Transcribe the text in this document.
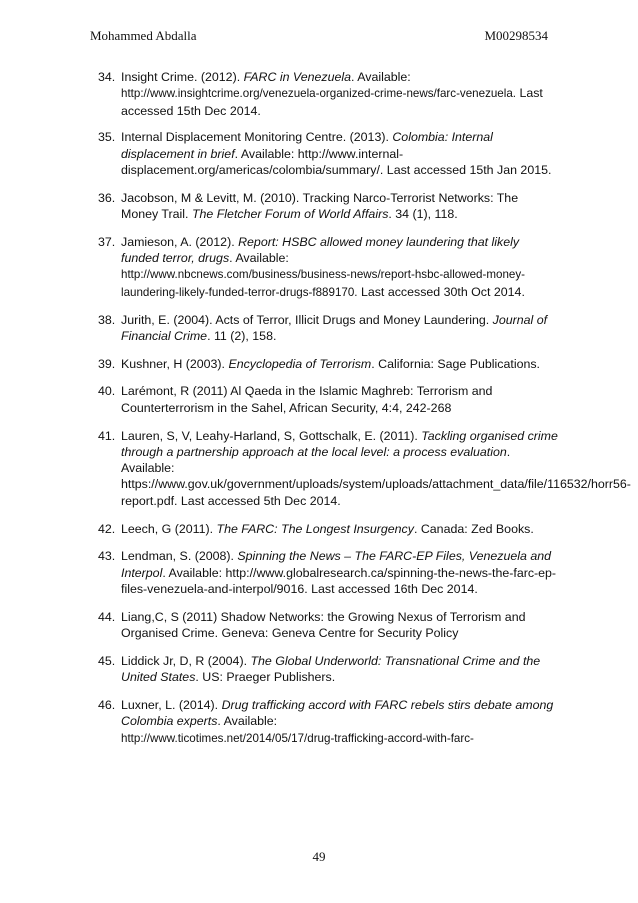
Mohammed Abdalla	M00298534
34. Insight Crime. (2012). FARC in Venezuela. Available:
http://www.insightcrime.org/venezuela-organized-crime-news/farc-venezuela. Last accessed 15th Dec 2014.
35. Internal Displacement Monitoring Centre. (2013). Colombia: Internal displacement in brief. Available: http://www.internal-displacement.org/americas/colombia/summary/. Last accessed 15th Jan 2015.
36. Jacobson, M & Levitt, M. (2010). Tracking Narco-Terrorist Networks: The Money Trail. The Fletcher Forum of World Affairs. 34 (1), 118.
37. Jamieson, A. (2012). Report: HSBC allowed money laundering that likely funded terror, drugs. Available:
http://www.nbcnews.com/business/business-news/report-hsbc-allowed-money-laundering-likely-funded-terror-drugs-f889170. Last accessed 30th Oct 2014.
38. Jurith, E. (2004). Acts of Terror, Illicit Drugs and Money Laundering. Journal of Financial Crime. 11 (2), 158.
39. Kushner, H (2003). Encyclopedia of Terrorism. California: Sage Publications.
40. Larémont, R (2011) Al Qaeda in the Islamic Maghreb: Terrorism and Counterterrorism in the Sahel, African Security, 4:4, 242-268
41. Lauren, S, V, Leahy-Harland, S, Gottschalk, E. (2011). Tackling organised crime through a partnership approach at the local level: a process evaluation. Available: https://www.gov.uk/government/uploads/system/uploads/attachment_data/file/116532/horr56-report.pdf. Last accessed 5th Dec 2014.
42. Leech, G (2011). The FARC: The Longest Insurgency. Canada: Zed Books.
43. Lendman, S. (2008). Spinning the News – The FARC-EP Files, Venezuela and Interpol. Available: http://www.globalresearch.ca/spinning-the-news-the-farc-ep-files-venezuela-and-interpol/9016. Last accessed 16th Dec 2014.
44. Liang,C, S (2011) Shadow Networks: the Growing Nexus of Terrorism and Organised Crime. Geneva: Geneva Centre for Security Policy
45. Liddick Jr, D, R (2004). The Global Underworld: Transnational Crime and the United States. US: Praeger Publishers.
46. Luxner, L. (2014). Drug trafficking accord with FARC rebels stirs debate among Colombia experts. Available:
http://www.ticotimes.net/2014/05/17/drug-trafficking-accord-with-farc-
49
